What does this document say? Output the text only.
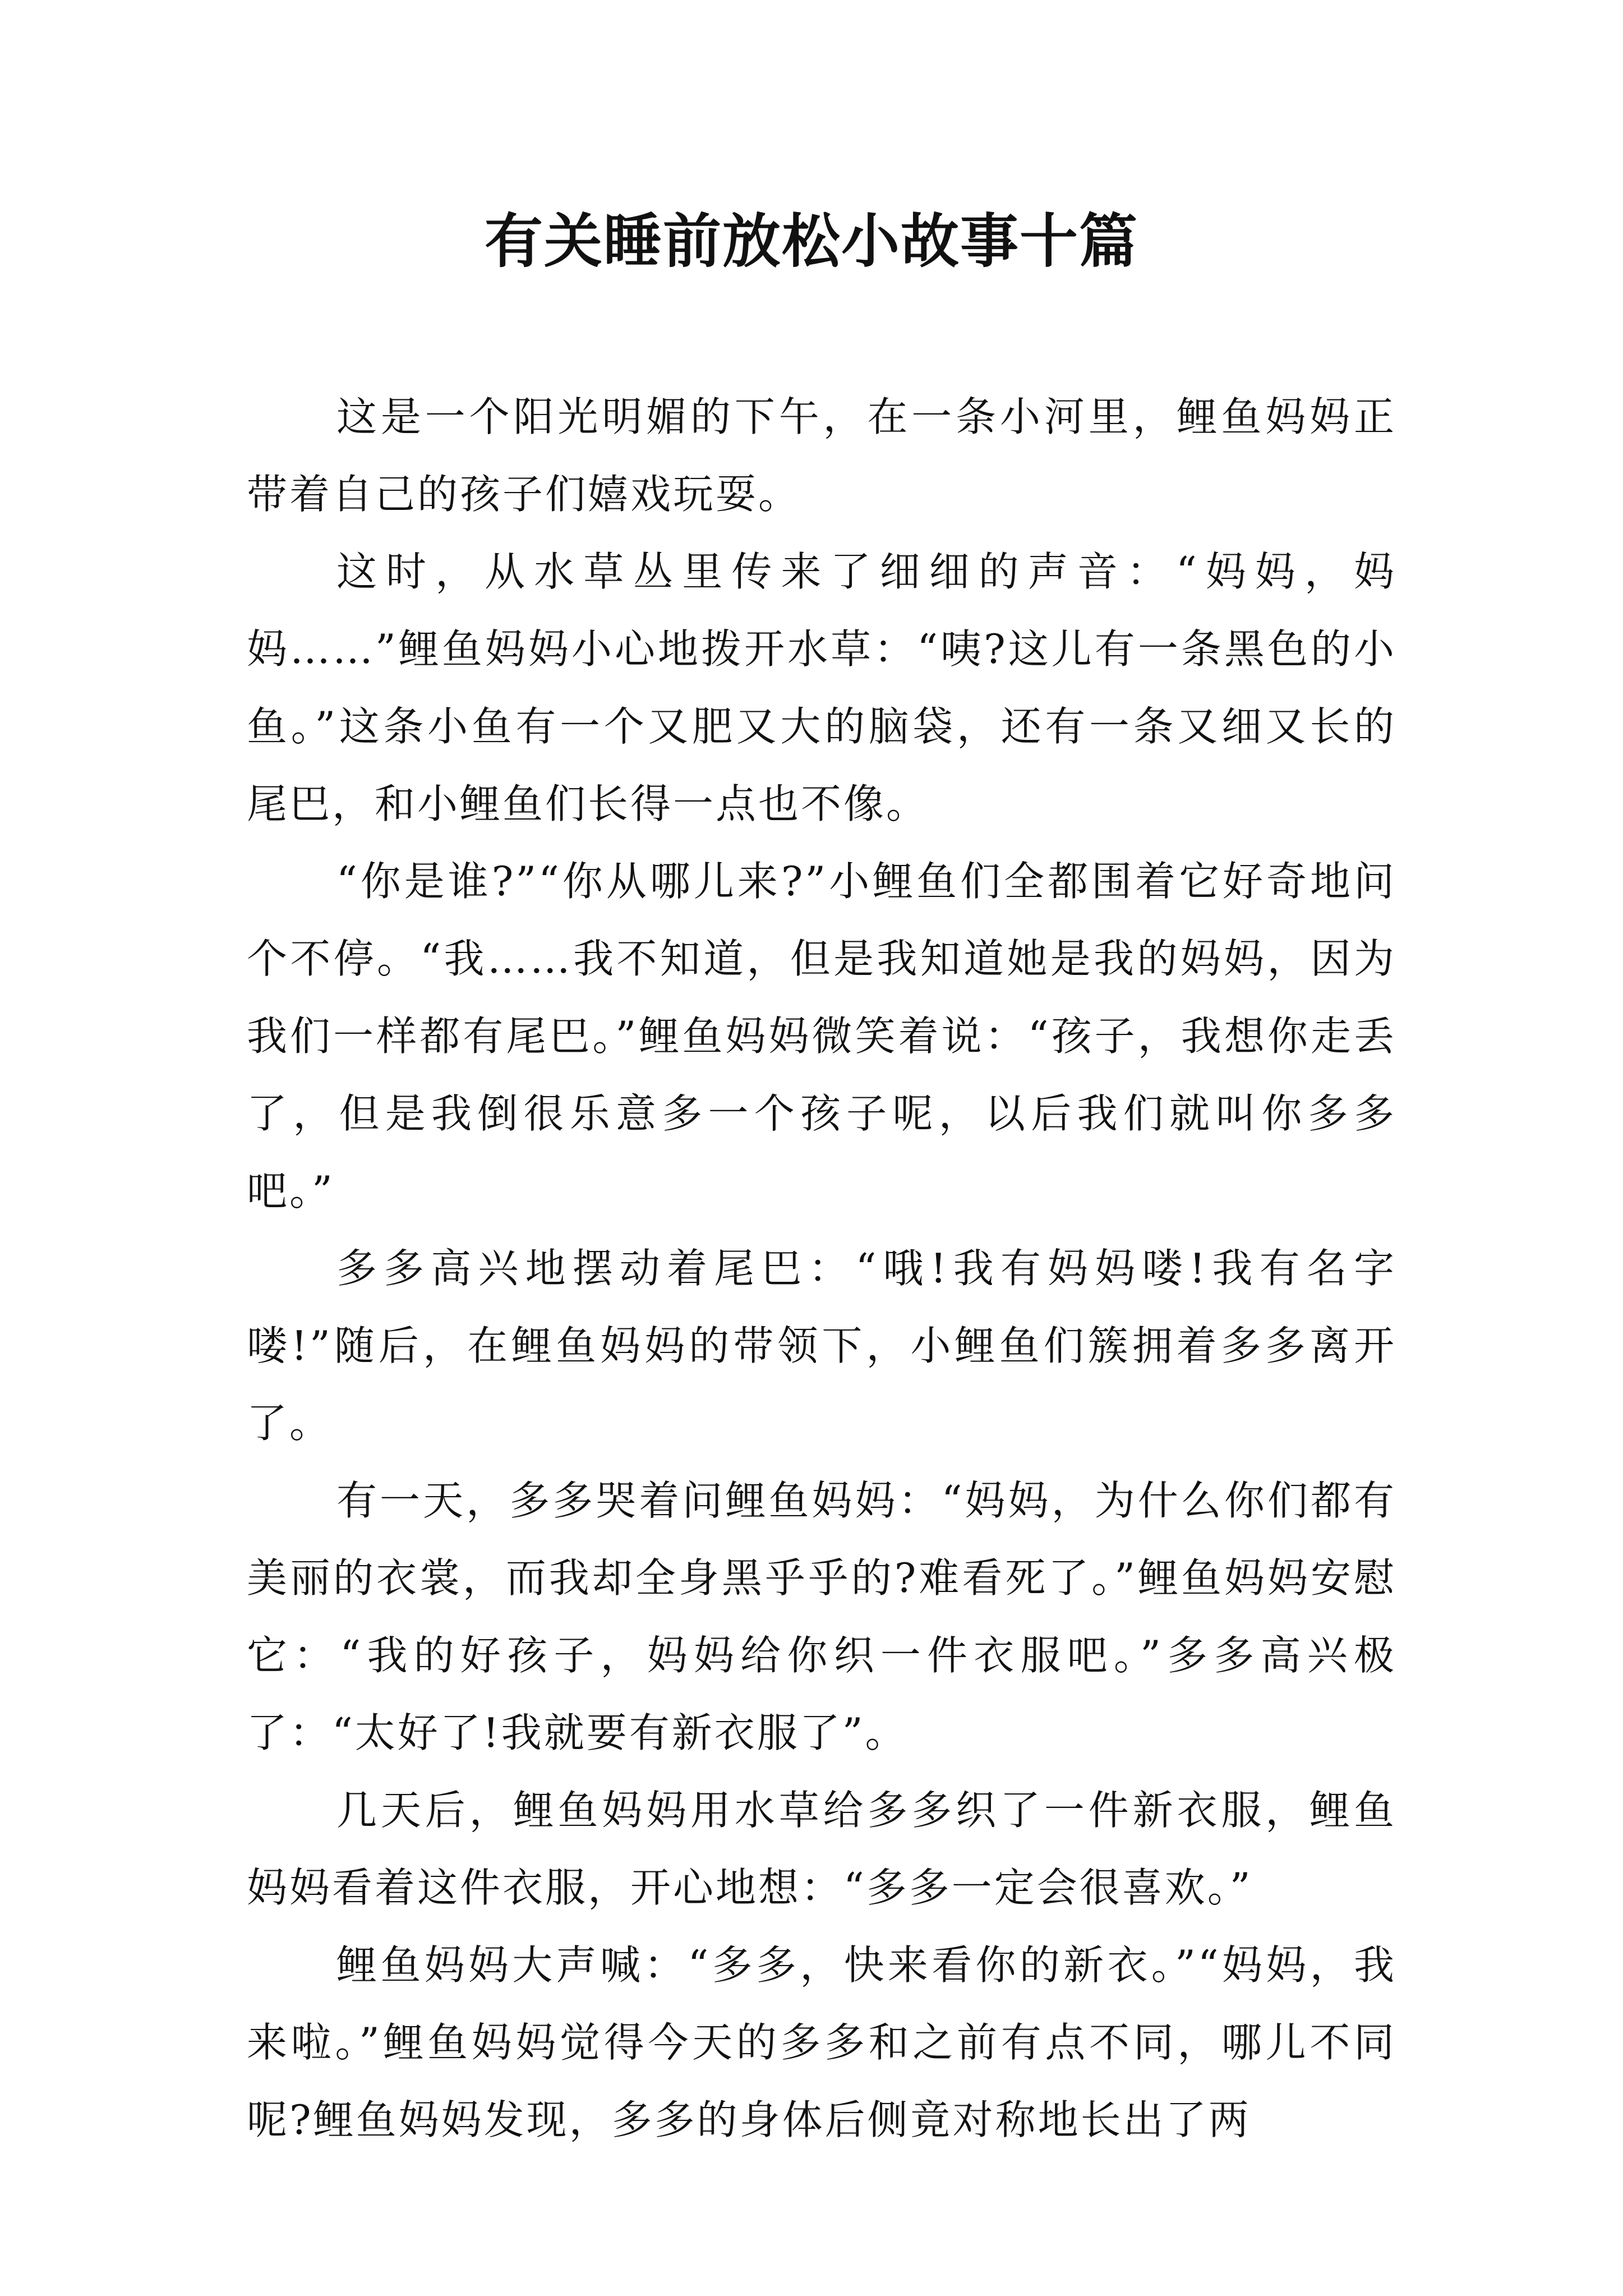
有关睡前放松小故事十篇

这是一个阳光明媚的下午，在一条小河里，鲤鱼妈妈正带着自己的孩子们嬉戏玩耍。

这时，从水草丛里传来了细细的声音：“妈妈，妈妈……”鲤鱼妈妈小心地拨开水草：“咦?这儿有一条黑色的小鱼。”这条小鱼有一个又肥又大的脑袋，还有一条又细又长的尾巴，和小鲤鱼们长得一点也不像。

“你是谁?”“你从哪儿来?”小鲤鱼们全都围着它好奇地问个不停。“我……我不知道，但是我知道她是我的妈妈，因为我们一样都有尾巴。”鲤鱼妈妈微笑着说：“孩子，我想你走丢了，但是我倒很乐意多一个孩子呢，以后我们就叫你多多吧。”

多多高兴地摆动着尾巴：“哦!我有妈妈喽!我有名字喽!”随后，在鲤鱼妈妈的带领下，小鲤鱼们簇拥着多多离开了。

有一天，多多哭着问鲤鱼妈妈：“妈妈，为什么你们都有美丽的衣裳，而我却全身黑乎乎的?难看死了。”鲤鱼妈妈安慰它：“我的好孩子，妈妈给你织一件衣服吧。”多多高兴极了：“太好了!我就要有新衣服了”。

几天后，鲤鱼妈妈用水草给多多织了一件新衣服，鲤鱼妈妈看着这件衣服，开心地想：“多多一定会很喜欢。”

鲤鱼妈妈大声喊：“多多，快来看你的新衣。”“妈妈，我来啦。”鲤鱼妈妈觉得今天的多多和之前有点不同，哪儿不同呢?鲤鱼妈妈发现，多多的身体后侧竟对称地长出了两
